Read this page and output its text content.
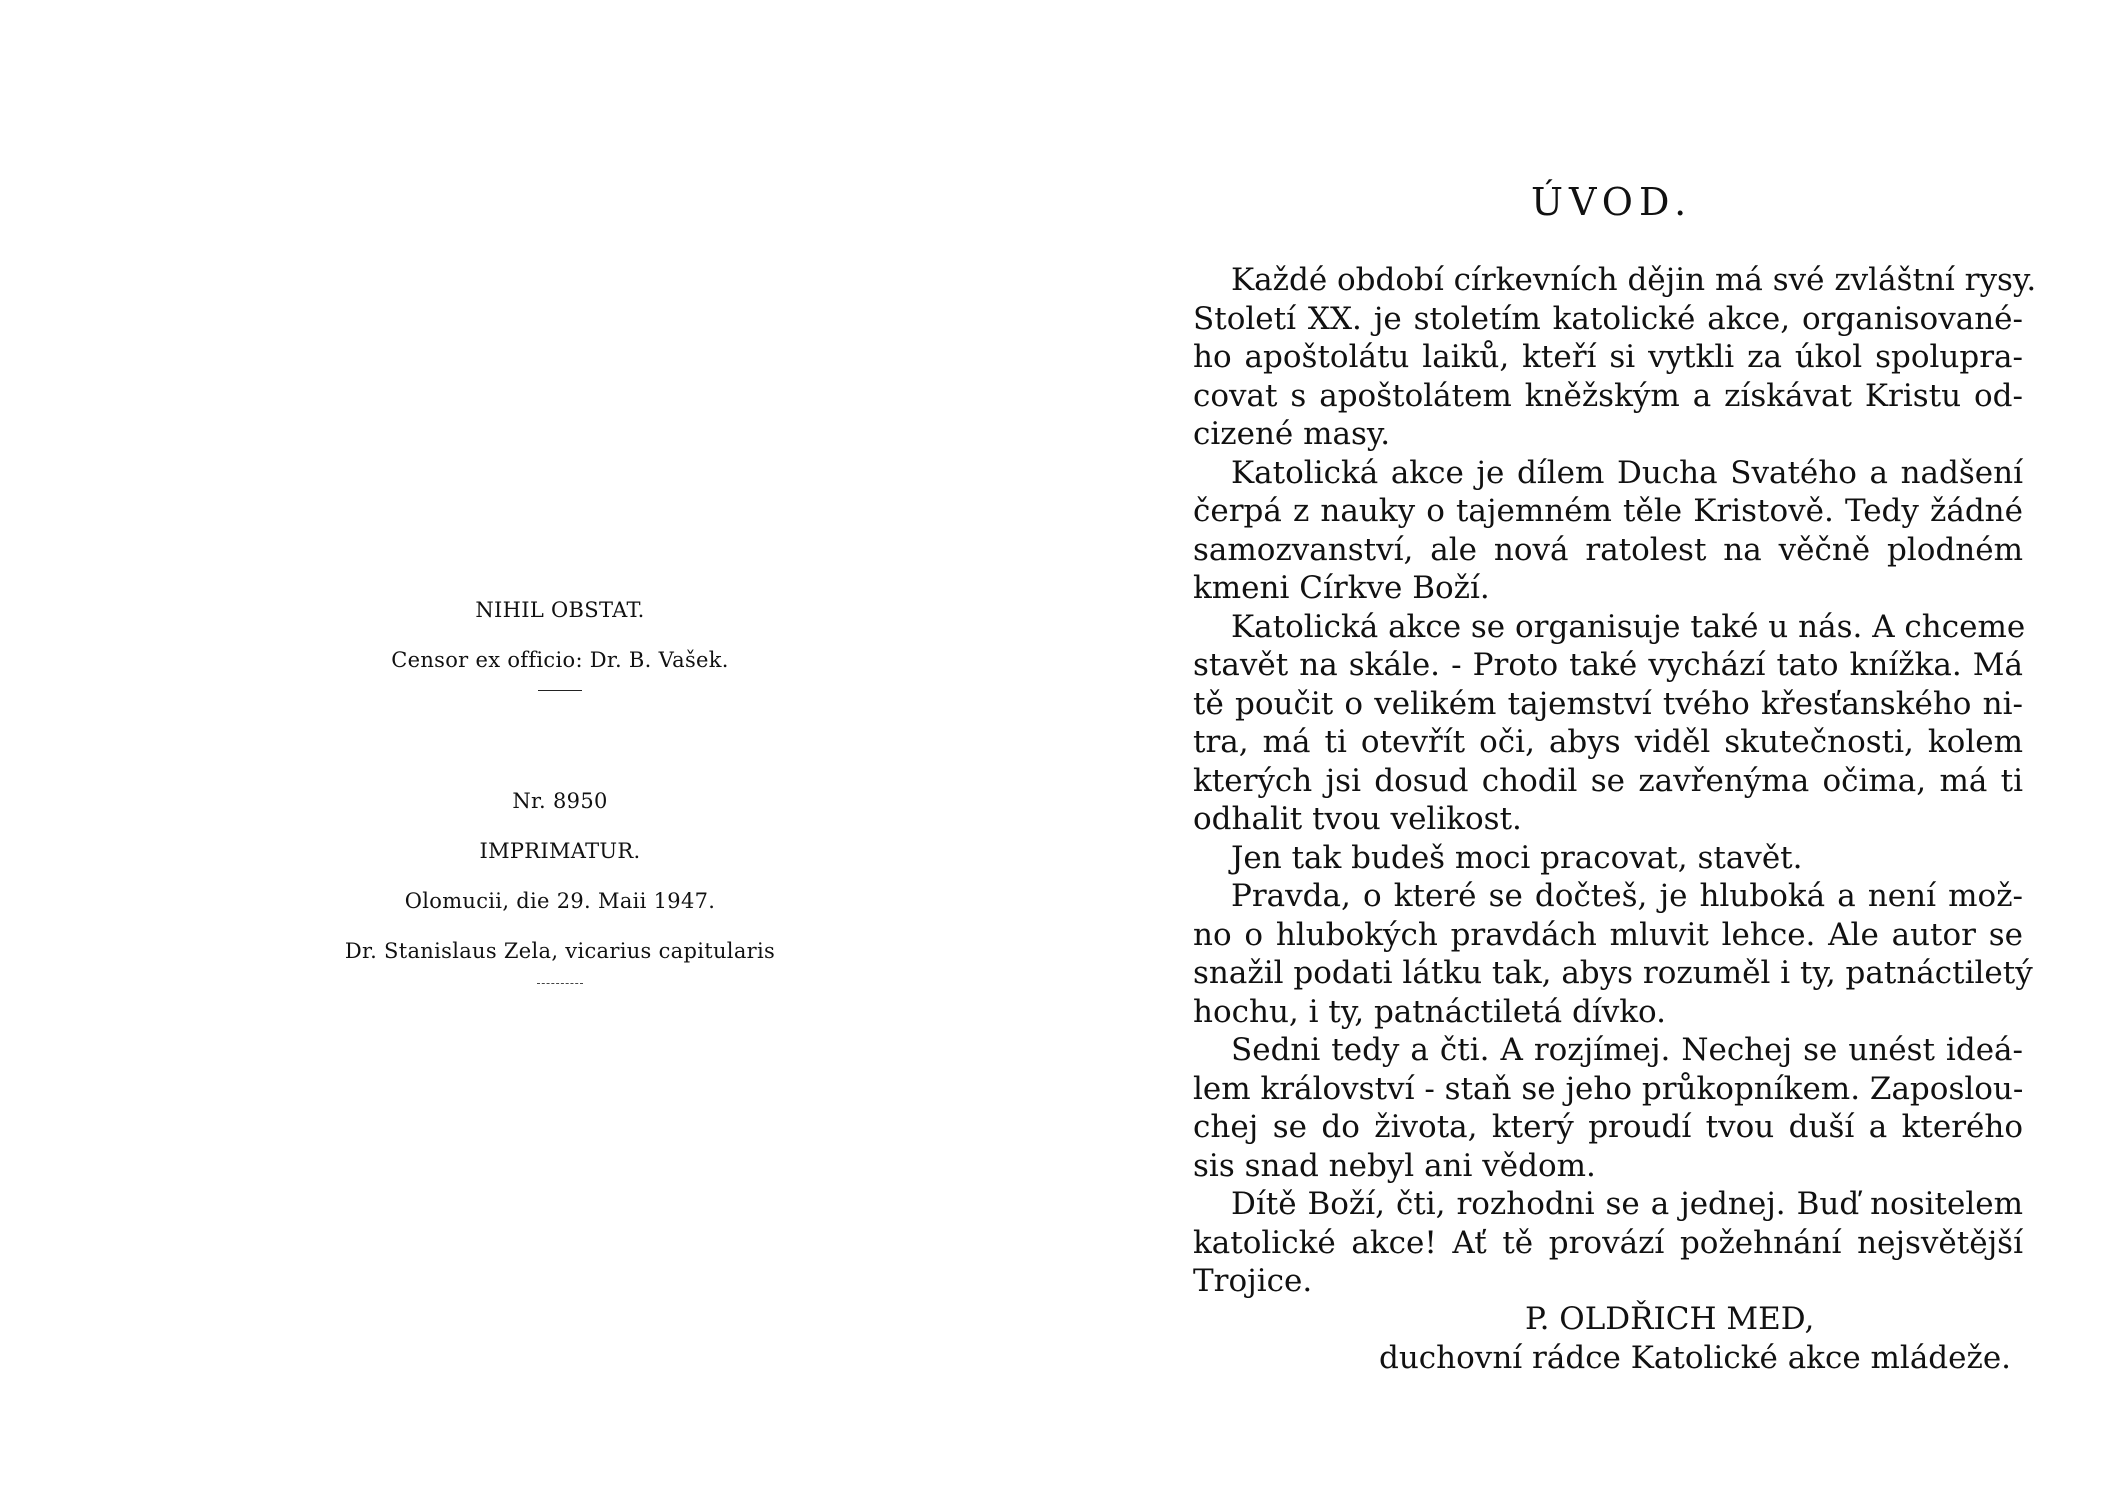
NIHIL OBSTAT.
Censor ex officio: Dr. B. Vašek.
Nr. 8950
IMPRIMATUR.
Olomucii, die 29. Maii 1947.
Dr. Stanislaus Zela, vicarius capitularis
ÚVOD.
Každé období církevních dějin má své zvláštní rysy.
Století XX. je stoletím katolické akce, organisované-
ho apoštolátu laiků, kteří si vytkli za úkol spolupra-
covat s apoštolátem kněžským a získávat Kristu od-
cizené masy.
Katolická akce je dílem Ducha Svatého a nadšení
čerpá z nauky o tajemném těle Kristově. Tedy žádné
samozvanství, ale nová ratolest na věčně plodném
kmeni Církve Boží.
Katolická akce se organisuje také u nás. A chceme
stavět na skále. - Proto také vychází tato knížka. Má
tě poučit o velikém tajemství tvého křesťanského ni-
tra, má ti otevřít oči, abys viděl skutečnosti, kolem
kterých jsi dosud chodil se zavřenýma očima, má ti
odhalit tvou velikost.
Jen tak budeš moci pracovat, stavět.
Pravda, o které se dočteš, je hluboká a není mož-
no o hlubokých pravdách mluvit lehce. Ale autor se
snažil podati látku tak, abys rozuměl i ty, patnáctiletý
hochu, i ty, patnáctiletá dívko.
Sedni tedy a čti. A rozjímej. Nechej se unést ideá-
lem království - staň se jeho průkopníkem. Zaposlou-
chej se do života, který proudí tvou duší a kterého
sis snad nebyl ani vědom.
Dítě Boží, čti, rozhodni se a jednej. Buď nositelem
katolické akce! Ať tě provází požehnání nejsvětější
Trojice.
P. OLDŘICH MED,
duchovní rádce Katolické akce mládeže.
